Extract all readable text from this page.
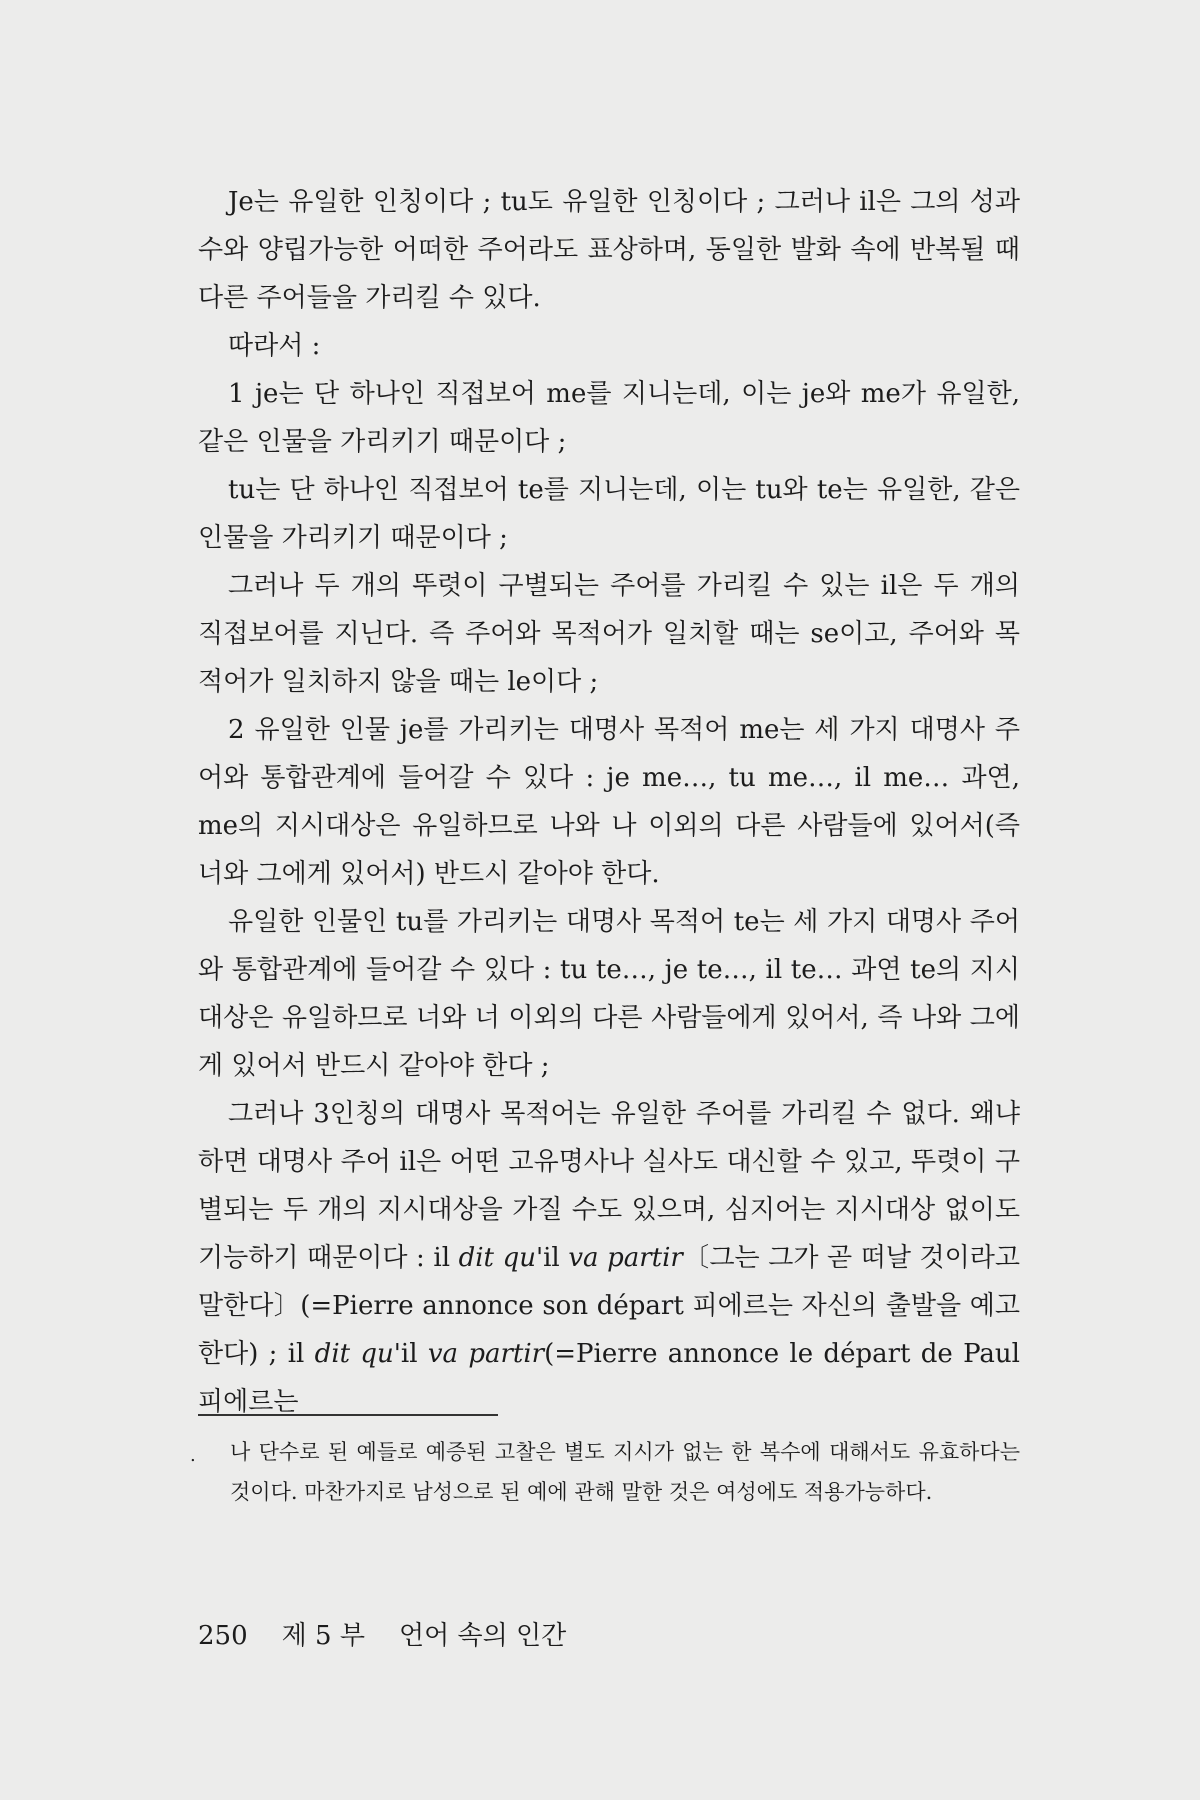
Je는 유일한 인칭이다 ; tu도 유일한 인칭이다 ; 그러나 il은 그의 성과 수와 양립가능한 어떠한 주어라도 표상하며, 동일한 발화 속에 반복될 때 다른 주어들을 가리킬 수 있다.

따라서 :

1 je는 단 하나인 직접보어 me를 지니는데, 이는 je와 me가 유일한, 같은 인물을 가리키기 때문이다 ;

tu는 단 하나인 직접보어 te를 지니는데, 이는 tu와 te는 유일한, 같은 인물을 가리키기 때문이다 ;

그러나 두 개의 뚜렷이 구별되는 주어를 가리킬 수 있는 il은 두 개의 직접보어를 지닌다. 즉 주어와 목적어가 일치할 때는 se이고, 주어와 목적어가 일치하지 않을 때는 le이다 ;

2 유일한 인물 je를 가리키는 대명사 목적어 me는 세 가지 대명사 주어와 통합관계에 들어갈 수 있다 : je me…, tu me…, il me… 과연, me의 지시대상은 유일하므로 나와 나 이외의 다른 사람들에 있어서(즉 너와 그에게 있어서) 반드시 같아야 한다.

유일한 인물인 tu를 가리키는 대명사 목적어 te는 세 가지 대명사 주어와 통합관계에 들어갈 수 있다 : tu te…, je te…, il te… 과연 te의 지시대상은 유일하므로 너와 너 이외의 다른 사람들에게 있어서, 즉 나와 그에게 있어서 반드시 같아야 한다 ;

그러나 3인칭의 대명사 목적어는 유일한 주어를 가리킬 수 없다. 왜냐하면 대명사 주어 il은 어떤 고유명사나 실사도 대신할 수 있고, 뚜렷이 구별되는 두 개의 지시대상을 가질 수도 있으며, 심지어는 지시대상 없이도 기능하기 때문이다 : il dit qu'il va partir〔그는 그가 곧 떠날 것이라고 말한다〕(=Pierre annonce son départ 피에르는 자신의 출발을 예고한다) ; il dit qu'il va partir(=Pierre annonce le départ de Paul 피에르는

. 나 단수로 된 예들로 예증된 고찰은 별도 지시가 없는 한 복수에 대해서도 유효하다는 것이다. 마찬가지로 남성으로 된 예에 관해 말한 것은 여성에도 적용가능하다.
250 제 5 부 언어 속의 인간
